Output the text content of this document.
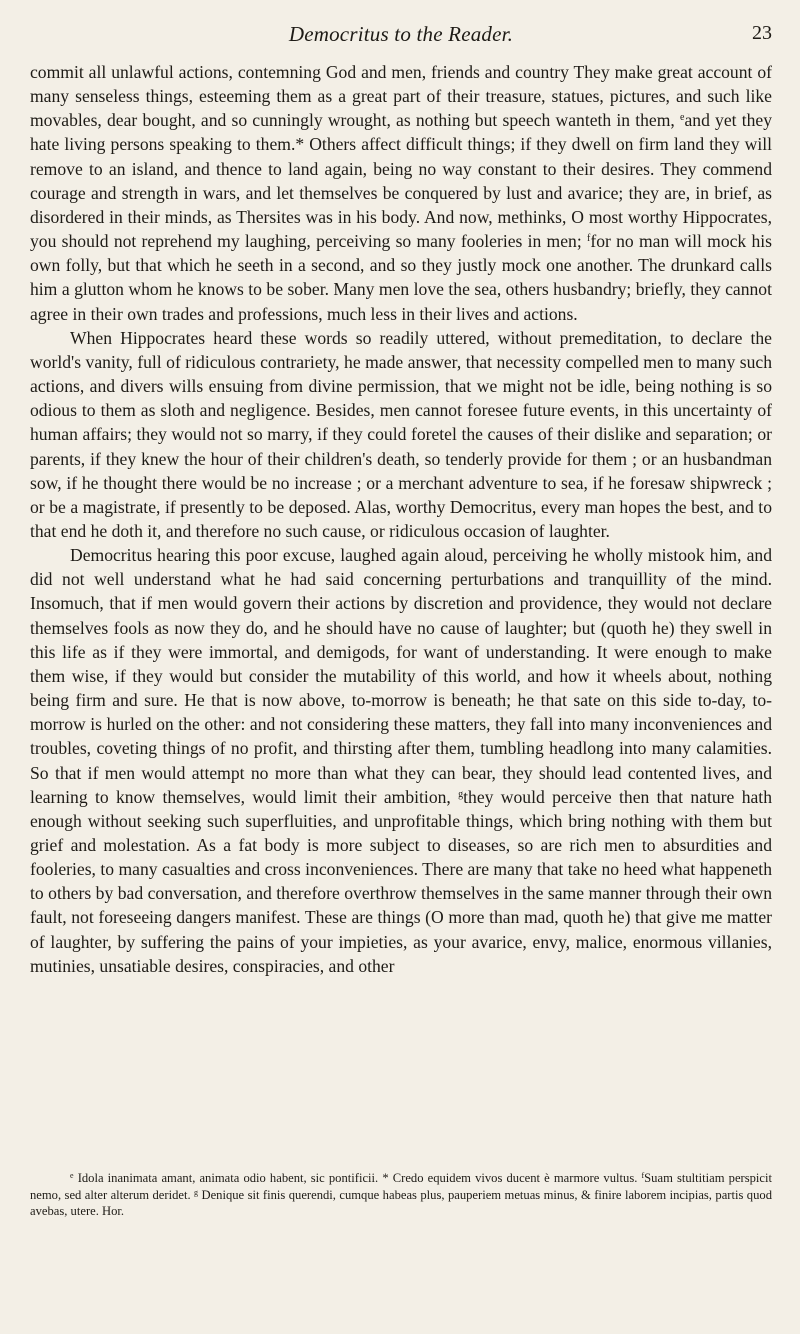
Democritus to the Reader.	23

commit all unlawful actions, contemning God and men, friends and country They make great account of many senseless things, esteeming them as a great part of their treasure, statues, pictures, and such like movables, dear bought, and so cunningly wrought, as nothing but speech wanteth in them, $^e$and yet they hate living persons speaking to them.* Others affect difficult things; if they dwell on firm land they will remove to an island, and thence to land again, being no way constant to their desires. They commend courage and strength in wars, and let themselves be conquered by lust and avarice; they are, in brief, as disordered in their minds, as Thersites was in his body. And now, methinks, O most worthy Hippocrates, you should not reprehend my laughing, perceiving so many fooleries in men; $^f$for no man will mock his own folly, but that which he seeth in a second, and so they justly mock one another. The drunkard calls him a glutton whom he knows to be sober. Many men love the sea, others husbandry; briefly, they cannot agree in their own trades and professions, much less in their lives and actions.

When Hippocrates heard these words so readily uttered, without premeditation, to declare the world's vanity, full of ridiculous contrariety, he made answer, that necessity compelled men to many such actions, and divers wills ensuing from divine permission, that we might not be idle, being nothing is so odious to them as sloth and negligence. Besides, men cannot foresee future events, in this uncertainty of human affairs; they would not so marry, if they could foretel the causes of their dislike and separation; or parents, if they knew the hour of their children's death, so tenderly provide for them ; or an husbandman sow, if he thought there would be no increase ; or a merchant adventure to sea, if he foresaw shipwreck ; or be a magistrate, if presently to be deposed. Alas, worthy Democritus, every man hopes the best, and to that end he doth it, and therefore no such cause, or ridiculous occasion of laughter.

Democritus hearing this poor excuse, laughed again aloud, perceiving he wholly mistook him, and did not well understand what he had said concerning perturbations and tranquillity of the mind. Insomuch, that if men would govern their actions by discretion and providence, they would not declare themselves fools as now they do, and he should have no cause of laughter; but (quoth he) they swell in this life as if they were immortal, and demigods, for want of understanding. It were enough to make them wise, if they would but consider the mutability of this world, and how it wheels about, nothing being firm and sure. He that is now above, to-morrow is beneath; he that sate on this side to-day, to-morrow is hurled on the other: and not considering these matters, they fall into many inconveniences and troubles, coveting things of no profit, and thirsting after them, tumbling headlong into many calamities. So that if men would attempt no more than what they can bear, they should lead contented lives, and learning to know themselves, would limit their ambition, $^g$they would perceive then that nature hath enough without seeking such superfluities, and unprofitable things, which bring nothing with them but grief and molestation. As a fat body is more subject to diseases, so are rich men to absurdities and fooleries, to many casualties and cross inconveniences. There are many that take no heed what happeneth to others by bad conversation, and therefore overthrow themselves in the same manner through their own fault, not foreseeing dangers manifest. These are things (O more than mad, quoth he) that give me matter of laughter, by suffering the pains of your impieties, as your avarice, envy, malice, enormous villanies, mutinies, unsatiable desires, conspiracies, and other

$^e$ Idola inanimata amant, animata odio habent, sic pontificii. * Credo equidem vivos ducent è marmore vultus. $^f$Suam stultitiam perspicit nemo, sed alter alterum deridet. $^g$ Denique sit finis querendi, cumque habeas plus, pauperiem metuas minus, & finire laborem incipias, partis quod avebas, utere. Hor.
